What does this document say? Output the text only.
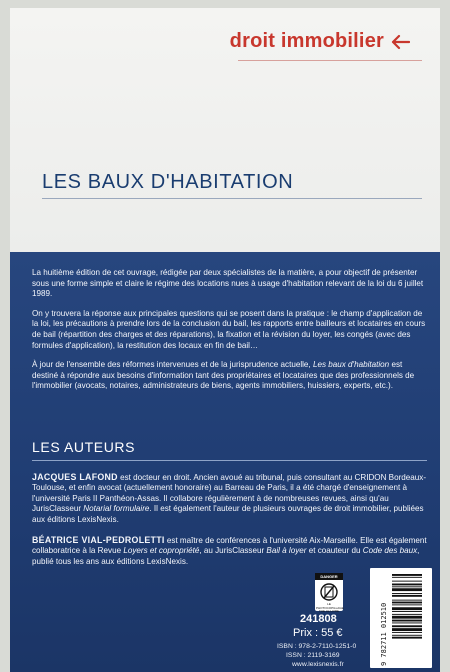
droit immobilier
LES BAUX D'HABITATION

La huitième édition de cet ouvrage, rédigée par deux spécialistes de la matière, a pour objectif de présenter sous une forme simple et claire le régime des locations nues à usage d'habitation relevant de la loi du 6 juillet 1989.

On y trouvera la réponse aux principales questions qui se posent dans la pratique : le champ d'application de la loi, les précautions à prendre lors de la conclusion du bail, les rapports entre bailleurs et locataires en cours de bail (répartition des charges et des réparations), la fixation et la révision du loyer, les congés (avec des formules d'application), la restitution des locaux en fin de bail…

À jour de l'ensemble des réformes intervenues et de la jurisprudence actuelle, Les baux d'habitation est destiné à répondre aux besoins d'information tant des propriétaires et locataires que des professionnels de l'immobilier (avocats, notaires, administrateurs de biens, agents immobiliers, huissiers, experts, etc.).

LES AUTEURS
JACQUES LAFOND est docteur en droit. Ancien avoué au tribunal, puis consultant au CRIDON Bordeaux-Toulouse, et enfin avocat (actuellement honoraire) au Barreau de Paris, il a été chargé d'enseignement à l'université Paris II Panthéon-Assas. Il collabore régulièrement à de nombreuses revues, ainsi qu'au JurisClasseur Notarial formulaire. Il est également l'auteur de plusieurs ouvrages de droit immobilier, publiées aux éditions LexisNexis.
BÉATRICE VIAL-PEDROLETTI est maître de conférences à l'université Aix-Marseille. Elle est également collaboratrice à la Revue Loyers et copropriété, au JurisClasseur Bail à loyer et coauteur du Code des baux, publié tous les ans aux éditions LexisNexis.
DANGER
LE PHOTOCOPILLAGE TUE LE LIVRE
241808
Prix : 55 €
ISBN : 978-2-7110-1251-0
ISSN : 2119-3169
www.lexisnexis.fr	9 782711 012510
